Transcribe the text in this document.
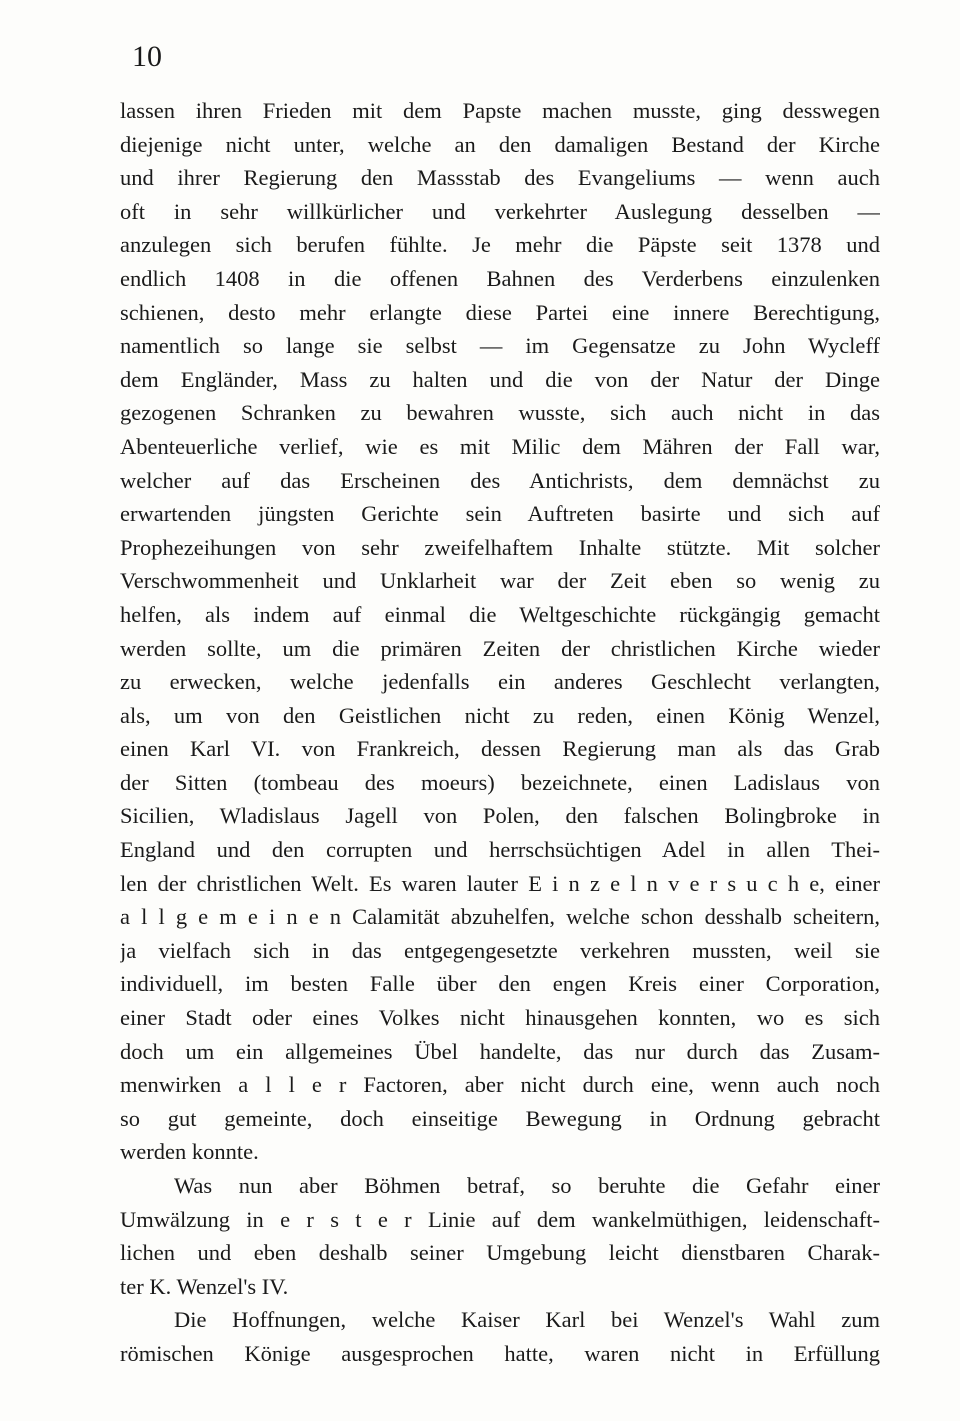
10
lassen ihren Frieden mit dem Papste machen musste, ging desswegen
diejenige nicht unter, welche an den damaligen Bestand der Kirche
und ihrer Regierung den Massstab des Evangeliums — wenn auch
oft in sehr willkürlicher und verkehrter Auslegung desselben —
anzulegen sich berufen fühlte. Je mehr die Päpste seit 1378 und
endlich 1408 in die offenen Bahnen des Verderbens einzulenken
schienen, desto mehr erlangte diese Partei eine innere Berechtigung,
namentlich so lange sie selbst — im Gegensatze zu John Wycleff
dem Engländer, Mass zu halten und die von der Natur der Dinge
gezogenen Schranken zu bewahren wusste, sich auch nicht in das
Abenteuerliche verlief, wie es mit Milic dem Mähren der Fall war,
welcher auf das Erscheinen des Antichrists, dem demnächst zu
erwartenden jüngsten Gerichte sein Auftreten basirte und sich auf
Prophezeihungen von sehr zweifelhaftem Inhalte stützte. Mit solcher
Verschwommenheit und Unklarheit war der Zeit eben so wenig zu
helfen, als indem auf einmal die Weltgeschichte rückgängig gemacht
werden sollte, um die primären Zeiten der christlichen Kirche wieder
zu erwecken, welche jedenfalls ein anderes Geschlecht verlangten,
als, um von den Geistlichen nicht zu reden, einen König Wenzel,
einen Karl VI. von Frankreich, dessen Regierung man als das Grab
der Sitten (tombeau des moeurs) bezeichnete, einen Ladislaus von
Sicilien, Wladislaus Jagell von Polen, den falschen Bolingbroke in
England und den corrupten und herrschsüchtigen Adel in allen Thei-
len der christlichen Welt. Es waren lauter E i n z e l n v e r s u c h e, einer
a l l g e m e i n e n Calamität abzuhelfen, welche schon desshalb scheitern,
ja vielfach sich in das entgegengesetzte verkehren mussten, weil sie
individuell, im besten Falle über den engen Kreis einer Corporation,
einer Stadt oder eines Volkes nicht hinausgehen konnten, wo es sich
doch um ein allgemeines Übel handelte, das nur durch das Zusam-
menwirken a l l e r Factoren, aber nicht durch eine, wenn auch noch
so gut gemeinte, doch einseitige Bewegung in Ordnung gebracht
werden konnte.
Was nun aber Böhmen betraf, so beruhte die Gefahr einer
Umwälzung in e r s t e r Linie auf dem wankelmüthigen, leidenschaft-
lichen und eben deshalb seiner Umgebung leicht dienstbaren Charak-
ter K. Wenzel's IV.
Die Hoffnungen, welche Kaiser Karl bei Wenzel's Wahl zum
römischen Könige ausgesprochen hatte, waren nicht in Erfüllung
